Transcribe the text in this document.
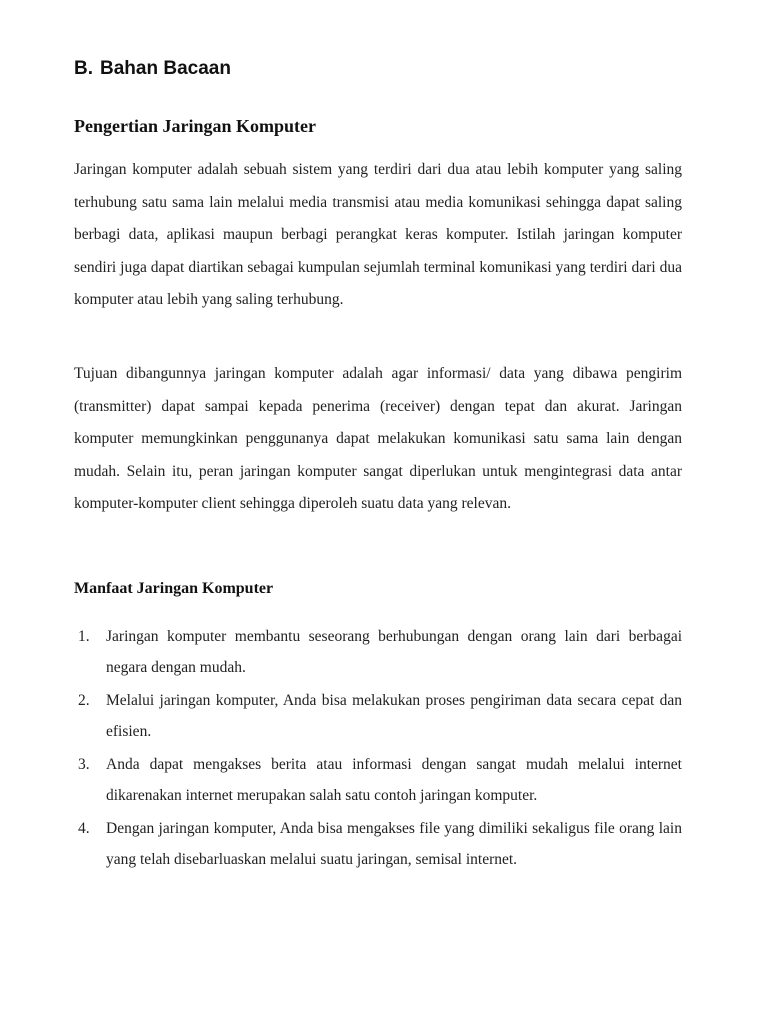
B. Bahan Bacaan
Pengertian Jaringan Komputer

Jaringan komputer adalah sebuah sistem yang terdiri dari dua atau lebih komputer yang saling terhubung satu sama lain melalui media transmisi atau media komunikasi sehingga dapat saling berbagi data, aplikasi maupun berbagi perangkat keras komputer. Istilah jaringan komputer sendiri juga dapat diartikan sebagai kumpulan sejumlah terminal komunikasi yang terdiri dari dua komputer atau lebih yang saling terhubung.

Tujuan dibangunnya jaringan komputer adalah agar informasi/ data yang dibawa pengirim (transmitter) dapat sampai kepada penerima (receiver) dengan tepat dan akurat. Jaringan komputer memungkinkan penggunanya dapat melakukan komunikasi satu sama lain dengan mudah. Selain itu, peran jaringan komputer sangat diperlukan untuk mengintegrasi data antar komputer-komputer client sehingga diperoleh suatu data yang relevan.

Manfaat Jaringan Komputer
1.	Jaringan komputer membantu seseorang berhubungan dengan orang lain dari berbagai negara dengan mudah.
2.	Melalui jaringan komputer, Anda bisa melakukan proses pengiriman data secara cepat dan efisien.
3.	Anda dapat mengakses berita atau informasi dengan sangat mudah melalui internet dikarenakan internet merupakan salah satu contoh jaringan komputer.
4.	Dengan jaringan komputer, Anda bisa mengakses file yang dimiliki sekaligus file orang lain yang telah disebarluaskan melalui suatu jaringan, semisal internet.
